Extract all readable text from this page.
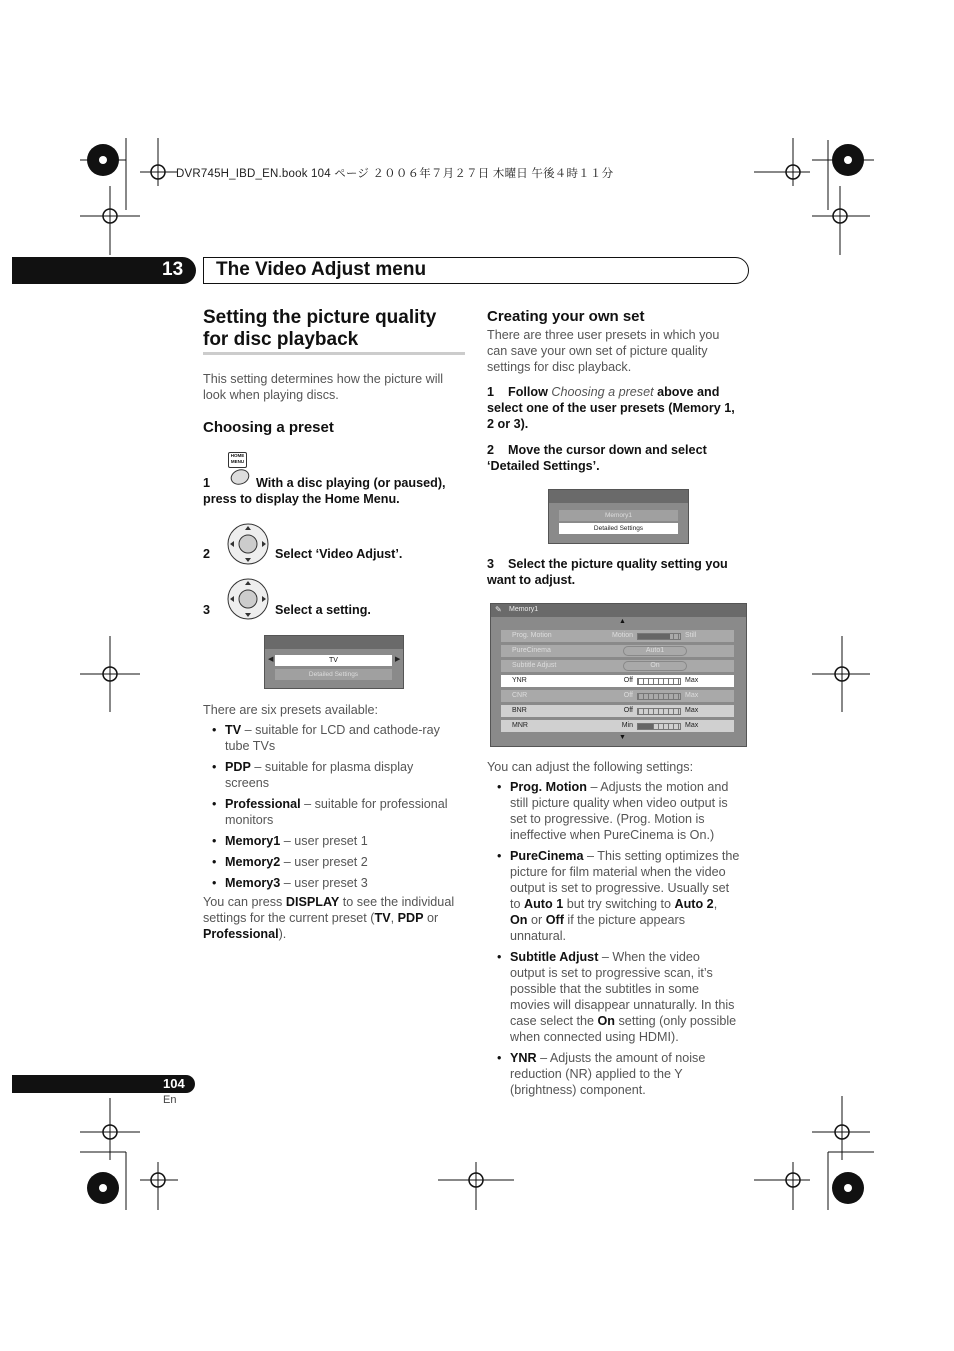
DVR745H_IBD_EN.book 104 ページ ２００６年７月２７日 木曜日 午後４時１１分
13 The Video Adjust menu
Setting the picture quality
for disc playback
This setting determines how the picture will
look when playing discs.
Choosing a preset
HOME MENU
1	With a disc playing (or paused),
press to display the Home Menu.
2	Select ‘Video Adjust’.
3	Select a setting.
◀	TV	▶
Detailed Settings
There are six presets available:
• TV – suitable for LCD and cathode-ray
tube TVs
• PDP – suitable for plasma display
screens
• Professional – suitable for professional
monitors
• Memory1 – user preset 1
• Memory2 – user preset 2
• Memory3 – user preset 3
You can press DISPLAY to see the individual
settings for the current preset (TV, PDP or
Professional).
Creating your own set
There are three user presets in which you
can save your own set of picture quality
settings for disc playback.
1 Follow Choosing a preset above and
select one of the user presets (Memory 1,
2 or 3).
2 Move the cursor down and select
‘Detailed Settings’.
Memory1
Detailed Settings
3 Select the picture quality setting you
want to adjust.
✎ Memory1
▲
▼
Prog. Motion	Motion	Still
PureCinema	Auto1
Subtitle Adjust	On
YNR	Off	Max
CNR	Off	Max
BNR	Off	Max
MNR	Min	Max
You can adjust the following settings:
• Prog. Motion – Adjusts the motion and
still picture quality when video output is
set to progressive. (Prog. Motion is
ineffective when PureCinema is On.)
• PureCinema – This setting optimizes the
picture for film material when the video
output is set to progressive. Usually set
to Auto 1 but try switching to Auto 2,
On or Off if the picture appears
unnatural.
• Subtitle Adjust – When the video
output is set to progressive scan, it’s
possible that the subtitles in some
movies will disappear unnaturally. In this
case select the On setting (only possible
when connected using HDMI).
• YNR – Adjusts the amount of noise
reduction (NR) applied to the Y
(brightness) component.
104
En
